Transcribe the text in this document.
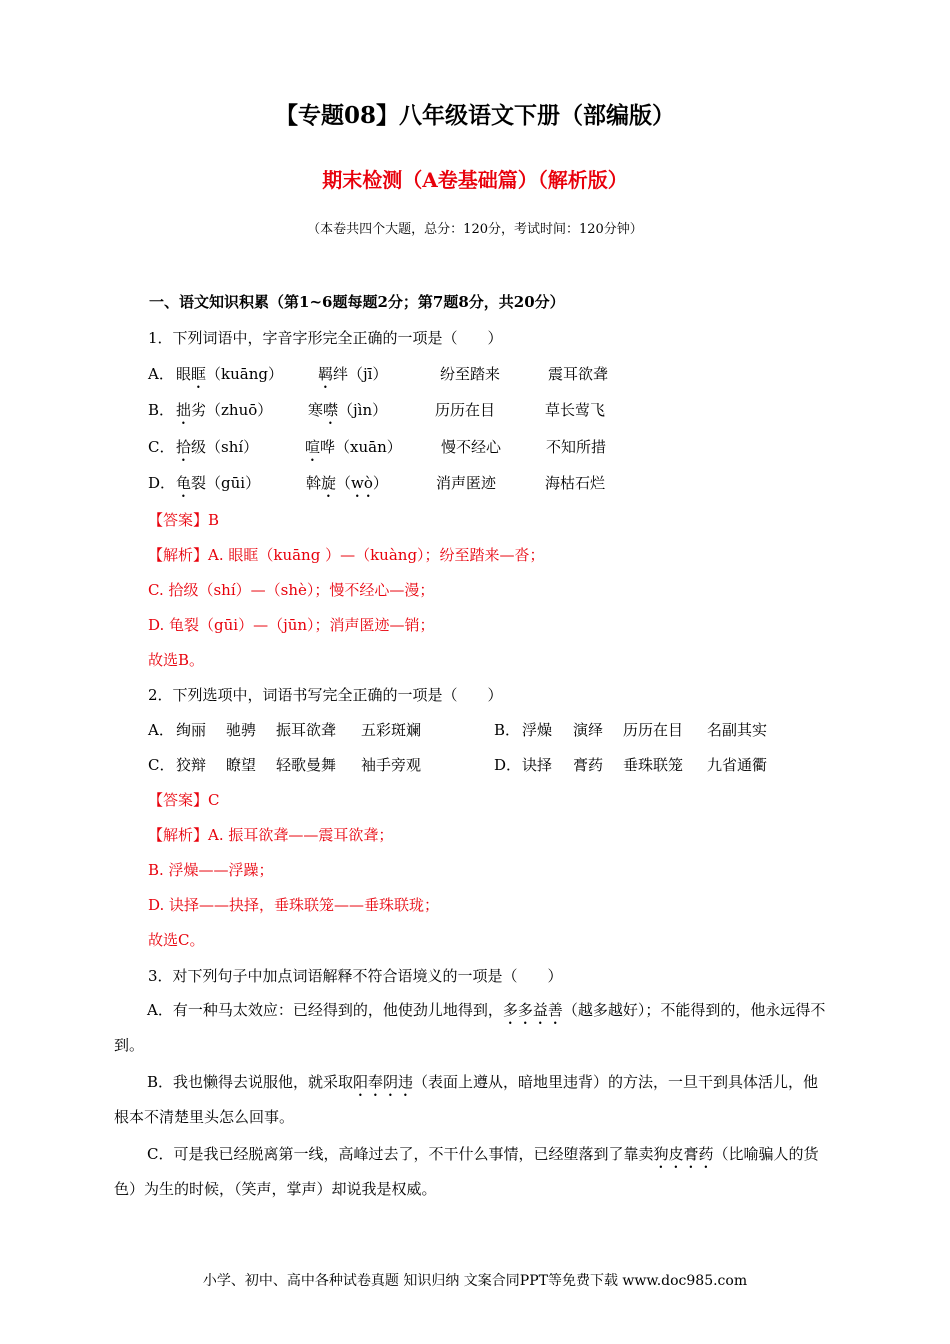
【专题08】八年级语文下册（部编版）
期末检测（A卷基础篇）（解析版）
（本卷共四个大题，总分：120分，考试时间：120分钟）
一、语文知识积累（第1~6题每题2分；第7题8分，共20分）
1．下列词语中，字音字形完全正确的一项是（　　）
A． 眼眶（kuāng） 羁绊（jī）	纷至踏来	震耳欲聋
B． 拙劣（zhuō） 寒噤（jìn）	历历在目	草长莺飞
C． 拾级（shí）	喧哗（xuān）	慢不经心	不知所措
D． 龟裂（gūi）	斡旋（wò）	消声匿迹	海枯石烂
【答案】B
【解析】A. 眼眶（kuāng ）—（kuàng）；纷至踏来—沓；
C. 拾级（shí）—（shè）；慢不经心—漫；
D. 龟裂（gūi）—（jūn）；消声匿迹—销；
故选B。
2．下列选项中，词语书写完全正确的一项是（　　）
A． 绚丽 驰骋 振耳欲聋 五彩斑斓	B． 浮燥 演绎 历历在目 名副其实
C． 狡辩 瞭望 轻歌曼舞 袖手旁观	D． 诀择 膏药 垂珠联笼 九省通衢
【答案】C
【解析】A. 振耳欲聋——震耳欲聋；
B. 浮燥——浮躁；
D. 诀择——抉择，垂珠联笼——垂珠联珑；
故选C。
3．对下列句子中加点词语解释不符合语境义的一项是（　　）
A．有一种马太效应：已经得到的，他使劲儿地得到，多多益善（越多越好）；不能得到的，他永远得不到。
B．我也懒得去说服他，就采取阳奉阴违（表面上遵从，暗地里违背）的方法，一旦干到具体活儿，他根本不清楚里头怎么回事。
C．可是我已经脱离第一线，高峰过去了，不干什么事情，已经堕落到了靠卖狗皮膏药（比喻骗人的货色）为生的时候，（笑声，掌声）却说我是权威。
小学、初中、高中各种试卷真题 知识归纳 文案合同PPT等免费下载 www.doc985.com
